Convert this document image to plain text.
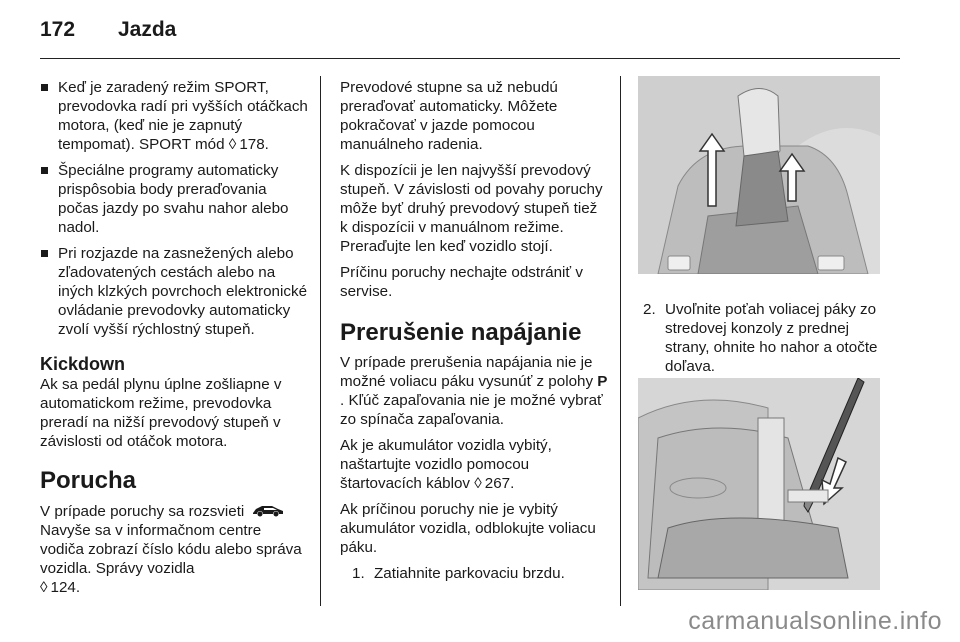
172	Jazda
Keď je zaradený režim SPORT, prevodovka radí pri vyšších otáčkach motora, (keď nie je zapnutý tempomat). SPORT mód ◊ 178.
Špeciálne programy automaticky prispôsobia body preraďovania počas jazdy po svahu nahor alebo nadol.
Pri rozjazde na zasnežených alebo zľadovatených cestách alebo na iných klzkých povrchoch elektronické ovládanie prevodovky automaticky zvolí vyšší rýchlostný stupeň.
Kickdown

Ak sa pedál plynu úplne zošliapne v automatickom režime, prevodovka preradí na nižší prevodový stupeň v závislosti od otáčok motora.

Porucha

V prípade poruchy sa rozsvieti  Navyše sa v informačnom centre vodiča zobrazí číslo kódu alebo správa vozidla. Správy vozidla
◊ 124.

Prevodové stupne sa už nebudú preraďovať automaticky. Môžete pokračovať v jazde pomocou manuálneho radenia.

K dispozícii je len najvyšší prevodový stupeň. V závislosti od povahy poruchy môže byť druhý prevodový stupeň tiež k dispozícii v manuálnom režime. Preraďujte len keď vozidlo stojí.

Príčinu poruchy nechajte odstrániť v servise.

Prerušenie napájanie

V prípade prerušenia napájania nie je možné voliacu páku vysunúť z polohy P . Kľúč zapaľovania nie je možné vybrať zo spínača zapaľovania.

Ak je akumulátor vozidla vybitý, naštartujte vozidlo pomocou štartovacích káblov ◊ 267.

Ak príčinou poruchy nie je vybitý akumulátor vozidla, odblokujte voliacu páku.

1. Zatiahnite parkovaciu brzdu.
2. Uvoľnite poťah voliacej páky zo stredovej konzoly z prednej strany, ohnite ho nahor a otočte doľava.
carmanualsonline.info
